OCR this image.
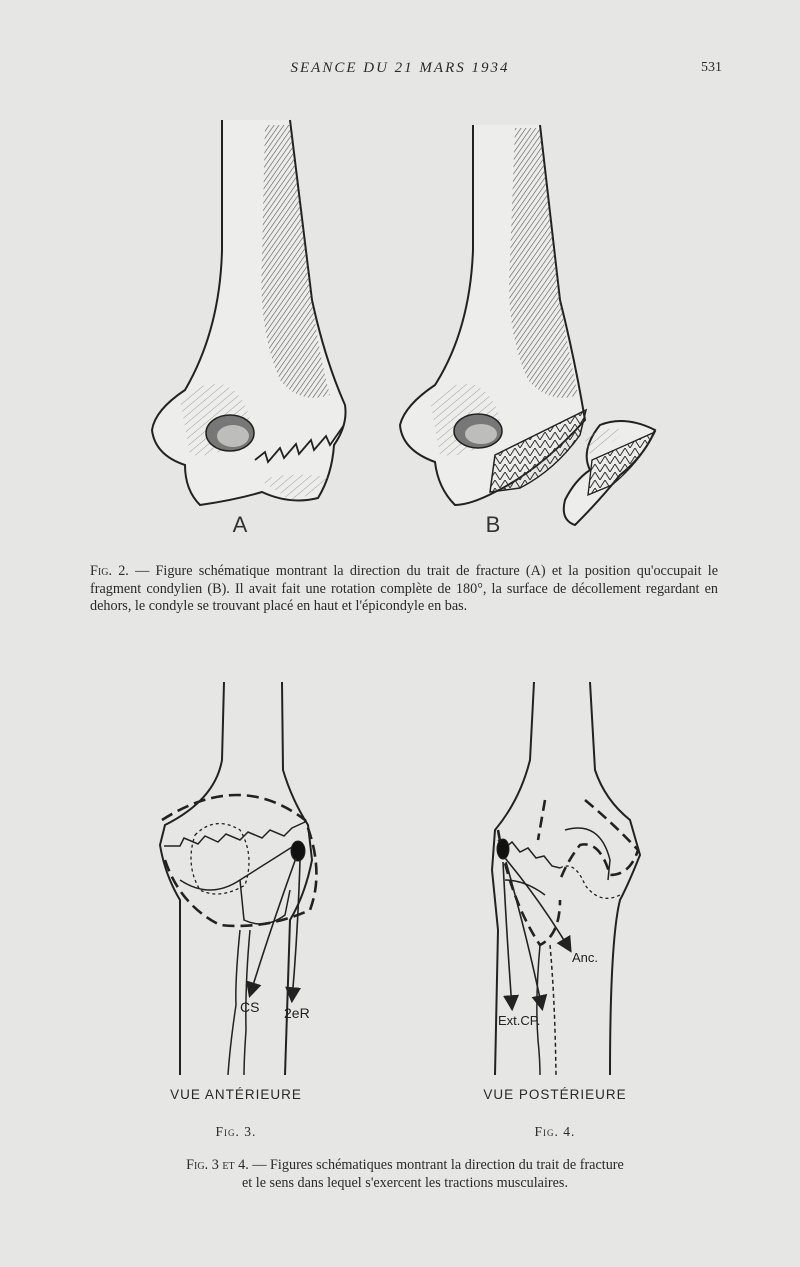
SEANCE DU 21 MARS 1934	531
A	B
Fig. 2. — Figure schématique montrant la direction du trait de fracture (A) et la position qu'occupait le fragment condylien (B). Il avait fait une rotation complète de 180°, la surface de décollement regardant en dehors, le condyle se trouvant placé en haut et l'épicondyle en bas.
CS 2eR
Anc.
Ext.CP.
VUE ANTÉRIEURE	VUE POSTÉRIEURE
Fig. 3.	Fig. 4.
Fig. 3 et 4. — Figures schématiques montrant la direction du trait de fracture
et le sens dans lequel s'exercent les tractions musculaires.
